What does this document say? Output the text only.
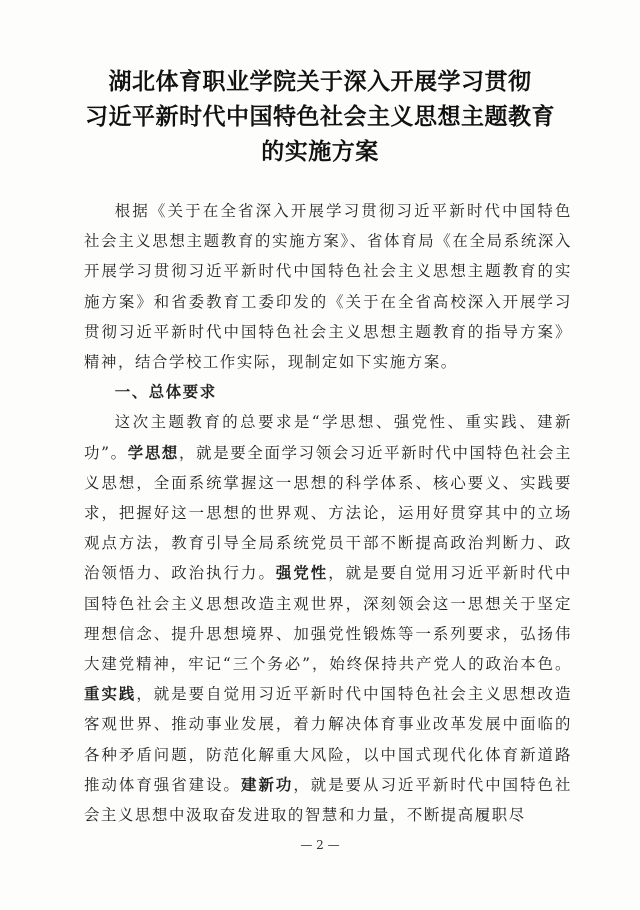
湖北体育职业学院关于深入开展学习贯彻
习近平新时代中国特色社会主义思想主题教育
的实施方案

根据《关于在全省深入开展学习贯彻习近平新时代中国特色社会主义思想主题教育的实施方案》、省体育局《在全局系统深入开展学习贯彻习近平新时代中国特色社会主义思想主题教育的实施方案》和省委教育工委印发的《关于在全省高校深入开展学习贯彻习近平新时代中国特色社会主义思想主题教育的指导方案》精神，结合学校工作实际，现制定如下实施方案。

一、总体要求

这次主题教育的总要求是“学思想、强党性、重实践、建新功”。学思想，就是要全面学习领会习近平新时代中国特色社会主义思想，全面系统掌握这一思想的科学体系、核心要义、实践要求，把握好这一思想的世界观、方法论，运用好贯穿其中的立场观点方法，教育引导全局系统党员干部不断提高政治判断力、政治领悟力、政治执行力。强党性，就是要自觉用习近平新时代中国特色社会主义思想改造主观世界，深刻领会这一思想关于坚定理想信念、提升思想境界、加强党性锻炼等一系列要求，弘扬伟大建党精神，牢记“三个务必”，始终保持共产党人的政治本色。重实践，就是要自觉用习近平新时代中国特色社会主义思想改造客观世界、推动事业发展，着力解决体育事业改革发展中面临的各种矛盾问题，防范化解重大风险，以中国式现代化体育新道路推动体育强省建设。建新功，就是要从习近平新时代中国特色社会主义思想中汲取奋发进取的智慧和力量，不断提高履职尽

— 2 —
